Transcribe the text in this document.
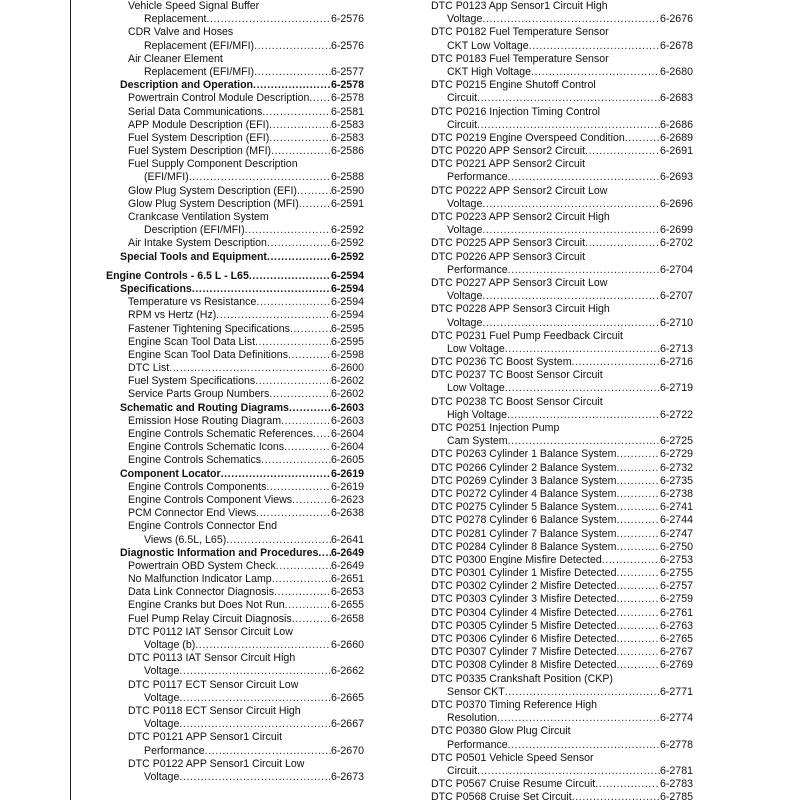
Vehicle Speed Signal Buffer
Replacement .....	6-2576
CDR Valve and Hoses
Replacement (EFI/MFI) .....	6-2576
Air Cleaner Element
Replacement (EFI/MFI) .....	6-2577
Description and Operation .....	6-2578
Powertrain Control Module Description ..... 6-2578
Serial Data Communications .....	6-2581
APP Module Description (EFI) .....	6-2583
Fuel System Description (EFI) .....	6-2583
Fuel System Description (MFI) .....	6-2586
Fuel Supply Component Description
(EFI/MFI) .....	6-2588
Glow Plug System Description (EFI) .....	6-2590
Glow Plug System Description (MFI) .....	6-2591
Crankcase Ventilation System
Description (EFI/MFI) .....	6-2592
Air Intake System Description .....	6-2592
Special Tools and Equipment .....	6-2592
Engine Controls - 6.5 L - L65 .....	6-2594
Specifications .....	6-2594
Temperature vs Resistance .....	6-2594
RPM vs Hertz (Hz) .....	6-2594
Fastener Tightening Specifications .....	6-2595
Engine Scan Tool Data List .....	6-2595
Engine Scan Tool Data Definitions .....	6-2598
DTC List .....	6-2600
Fuel System Specifications .....	6-2602
Service Parts Group Numbers .....	6-2602
Schematic and Routing Diagrams .....	6-2603
Emission Hose Routing Diagram .....	6-2603
Engine Controls Schematic References ..... 6-2604
Engine Controls Schematic Icons .....	6-2604
Engine Controls Schematics .....	6-2605
Component Locator .....	6-2619
Engine Controls Components .....	6-2619
Engine Controls Component Views .....	6-2623
PCM Connector End Views .....	6-2638
Engine Controls Connector End
Views (6.5L, L65) .....	6-2641
Diagnostic Information and Procedures ..... 6-2649
Powertrain OBD System Check .....	6-2649
No Malfunction Indicator Lamp .....	6-2651
Data Link Connector Diagnosis .....	6-2653
Engine Cranks but Does Not Run .....	6-2655
Fuel Pump Relay Circuit Diagnosis .....	6-2658
DTC P0112 IAT Sensor Circuit Low
Voltage (b) .....	6-2660
DTC P0113 IAT Sensor Circuit High
Voltage .....	6-2662
DTC P0117 ECT Sensor Circuit Low
Voltage .....	6-2665
DTC P0118 ECT Sensor Circuit High
Voltage .....	6-2667
DTC P0121 APP Sensor1 Circuit
Performance .....	6-2670
DTC P0122 APP Sensor1 Circuit Low
Voltage .....	6-2673
DTC P0123 App Sensor1 Circuit High
Voltage .....	6-2676
DTC P0182 Fuel Temperature Sensor
CKT Low Voltage .....	6-2678
DTC P0183 Fuel Temperature Sensor
CKT High Voltage .....	6-2680
DTC P0215 Engine Shutoff Control
Circuit .....	6-2683
DTC P0216 Injection Timing Control
Circuit .....	6-2686
DTC P0219 Engine Overspeed Condition .....	6-2689
DTC P0220 APP Sensor2 Circuit .....	6-2691
DTC P0221 APP Sensor2 Circuit
Performance .....	6-2693
DTC P0222 APP Sensor2 Circuit Low
Voltage .....	6-2696
DTC P0223 APP Sensor2 Circuit High
Voltage .....	6-2699
DTC P0225 APP Sensor3 Circuit .....	6-2702
DTC P0226 APP Sensor3 Circuit
Performance .....	6-2704
DTC P0227 APP Sensor3 Circuit Low
Voltage .....	6-2707
DTC P0228 APP Sensor3 Circuit High
Voltage .....	6-2710
DTC P0231 Fuel Pump Feedback Circuit
Low Voltage .....	6-2713
DTC P0236 TC Boost System .....	6-2716
DTC P0237 TC Boost Sensor Circuit
Low Voltage .....	6-2719
DTC P0238 TC Boost Sensor Circuit
High Voltage .....	6-2722
DTC P0251 Injection Pump
Cam System .....	6-2725
DTC P0263 Cylinder 1 Balance System .....	6-2729
DTC P0266 Cylinder 2 Balance System .....	6-2732
DTC P0269 Cylinder 3 Balance System .....	6-2735
DTC P0272 Cylinder 4 Balance System .....	6-2738
DTC P0275 Cylinder 5 Balance System .....	6-2741
DTC P0278 Cylinder 6 Balance System .....	6-2744
DTC P0281 Cylinder 7 Balance System .....	6-2747
DTC P0284 Cylinder 8 Balance System .....	6-2750
DTC P0300 Engine Misfire Detected .....	6-2753
DTC P0301 Cylinder 1 Misfire Detected .....	6-2755
DTC P0302 Cylinder 2 Misfire Detected .....	6-2757
DTC P0303 Cylinder 3 Misfire Detected .....	6-2759
DTC P0304 Cylinder 4 Misfire Detected .....	6-2761
DTC P0305 Cylinder 5 Misfire Detected .....	6-2763
DTC P0306 Cylinder 6 Misfire Detected .....	6-2765
DTC P0307 Cylinder 7 Misfire Detected .....	6-2767
DTC P0308 Cylinder 8 Misfire Detected .....	6-2769
DTC P0335 Crankshaft Position (CKP)
Sensor CKT .....	6-2771
DTC P0370 Timing Reference High
Resolution .....	6-2774
DTC P0380 Glow Plug Circuit
Performance .....	6-2778
DTC P0501 Vehicle Speed Sensor
Circuit .....	6-2781
DTC P0567 Cruise Resume Circuit .....	6-2783
DTC P0568 Cruise Set Circuit .....	6-2785
